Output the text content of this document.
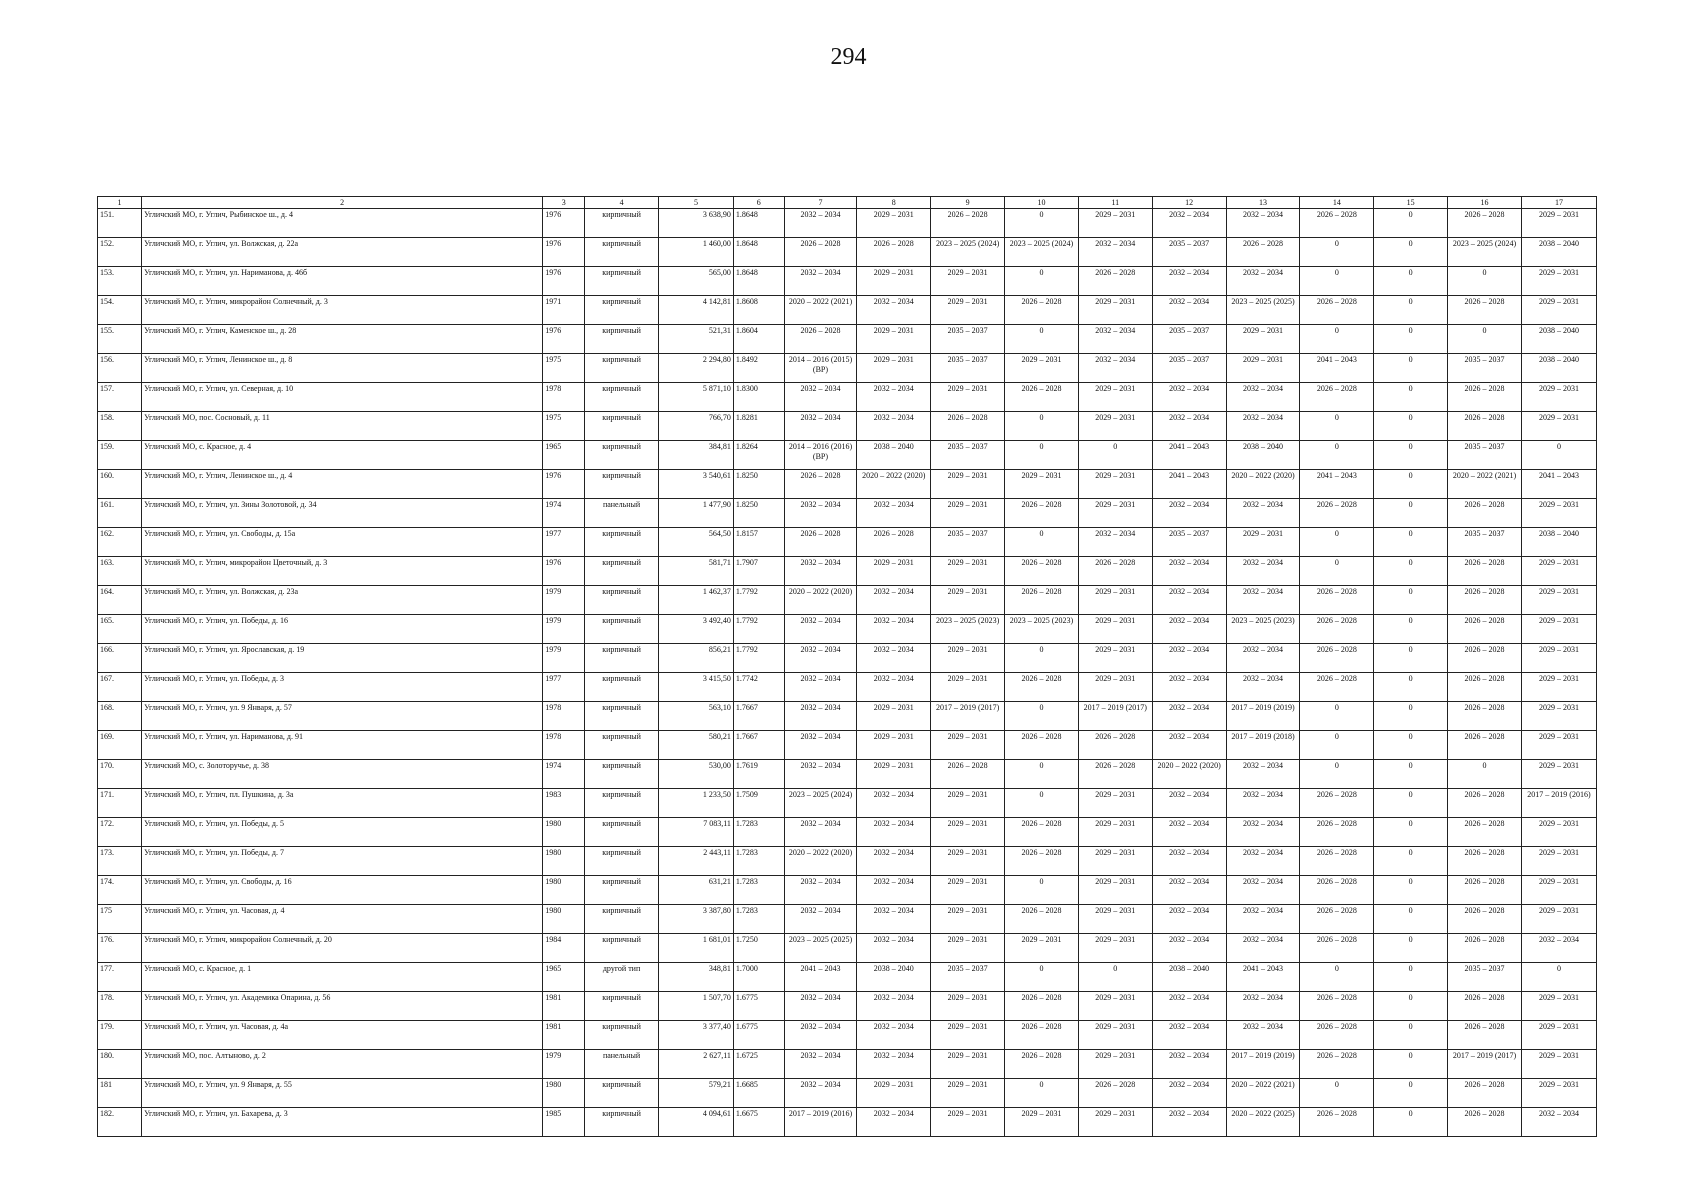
294
1	2	3	4	5	6	7	8	9	10	11	12	13	14	15	16	17
151.	Угличский МО, г. Углич, Рыбинское ш., д. 4	1976	кирпичный	3 638,90	1.8648	2032 – 2034	2029 – 2031	2026 – 2028	0	2029 – 2031	2032 – 2034	2032 – 2034	2026 – 2028	0	2026 – 2028	2029 – 2031
152.	Угличский МО, г. Углич, ул. Волжская, д. 22а	1976	кирпичный	1 460,00	1.8648	2026 – 2028	2026 – 2028	2023 – 2025 (2024)	2023 – 2025 (2024)	2032 – 2034	2035 – 2037	2026 – 2028	0	0	2023 – 2025 (2024)	2038 – 2040
153.	Угличский МО, г. Углич, ул. Нариманова, д. 46б	1976	кирпичный	565,00	1.8648	2032 – 2034	2029 – 2031	2029 – 2031	0	2026 – 2028	2032 – 2034	2032 – 2034	0	0	0	2029 – 2031
154.	Угличский МО, г. Углич, микрорайон Солнечный, д. 3	1971	кирпичный	4 142,81	1.8608	2020 – 2022 (2021)	2032 – 2034	2029 – 2031	2026 – 2028	2029 – 2031	2032 – 2034	2023 – 2025 (2025)	2026 – 2028	0	2026 – 2028	2029 – 2031
155.	Угличский МО, г. Углич, Каменское ш., д. 28	1976	кирпичный	521,31	1.8604	2026 – 2028	2029 – 2031	2035 – 2037	0	2032 – 2034	2035 – 2037	2029 – 2031	0	0	0	2038 – 2040
156.	Угличский МО, г. Углич, Ленинское ш., д. 8	1975	кирпичный	2 294,80	1.8492	2014 – 2016 (2015) (ВР)	2029 – 2031	2035 – 2037	2029 – 2031	2032 – 2034	2035 – 2037	2029 – 2031	2041 – 2043	0	2035 – 2037	2038 – 2040
157.	Угличский МО, г. Углич, ул. Северная, д. 10	1978	кирпичный	5 871,10	1.8300	2032 – 2034	2032 – 2034	2029 – 2031	2026 – 2028	2029 – 2031	2032 – 2034	2032 – 2034	2026 – 2028	0	2026 – 2028	2029 – 2031
158.	Угличский МО, пос. Сосновый, д. 11	1975	кирпичный	766,70	1.8281	2032 – 2034	2032 – 2034	2026 – 2028	0	2029 – 2031	2032 – 2034	2032 – 2034	0	0	2026 – 2028	2029 – 2031
159.	Угличский МО, с. Красное, д. 4	1965	кирпичный	384,81	1.8264	2014 – 2016 (2016) (ВР)	2038 – 2040	2035 – 2037	0	0	2041 – 2043	2038 – 2040	0	0	2035 – 2037	0
160.	Угличский МО, г. Углич, Ленинское ш., д. 4	1976	кирпичный	3 540,61	1.8250	2026 – 2028	2020 – 2022 (2020)	2029 – 2031	2029 – 2031	2029 – 2031	2041 – 2043	2020 – 2022 (2020)	2041 – 2043	0	2020 – 2022 (2021)	2041 – 2043
161.	Угличский МО, г. Углич, ул. Зины Золотовой, д. 34	1974	панельный	1 477,90	1.8250	2032 – 2034	2032 – 2034	2029 – 2031	2026 – 2028	2029 – 2031	2032 – 2034	2032 – 2034	2026 – 2028	0	2026 – 2028	2029 – 2031
162.	Угличский МО, г. Углич, ул. Свободы, д. 15а	1977	кирпичный	564,50	1.8157	2026 – 2028	2026 – 2028	2035 – 2037	0	2032 – 2034	2035 – 2037	2029 – 2031	0	0	2035 – 2037	2038 – 2040
163.	Угличский МО, г. Углич, микрорайон Цветочный, д. 3	1976	кирпичный	581,71	1.7907	2032 – 2034	2029 – 2031	2029 – 2031	2026 – 2028	2026 – 2028	2032 – 2034	2032 – 2034	0	0	2026 – 2028	2029 – 2031
164.	Угличский МО, г. Углич, ул. Волжская, д. 23а	1979	кирпичный	1 462,37	1.7792	2020 – 2022 (2020)	2032 – 2034	2029 – 2031	2026 – 2028	2029 – 2031	2032 – 2034	2032 – 2034	2026 – 2028	0	2026 – 2028	2029 – 2031
165.	Угличский МО, г. Углич, ул. Победы, д. 16	1979	кирпичный	3 492,40	1.7792	2032 – 2034	2032 – 2034	2023 – 2025 (2023)	2023 – 2025 (2023)	2029 – 2031	2032 – 2034	2023 – 2025 (2023)	2026 – 2028	0	2026 – 2028	2029 – 2031
166.	Угличский МО, г. Углич, ул. Ярославская, д. 19	1979	кирпичный	856,21	1.7792	2032 – 2034	2032 – 2034	2029 – 2031	0	2029 – 2031	2032 – 2034	2032 – 2034	2026 – 2028	0	2026 – 2028	2029 – 2031
167.	Угличский МО, г. Углич, ул. Победы, д. 3	1977	кирпичный	3 415,50	1.7742	2032 – 2034	2032 – 2034	2029 – 2031	2026 – 2028	2029 – 2031	2032 – 2034	2032 – 2034	2026 – 2028	0	2026 – 2028	2029 – 2031
168.	Угличский МО, г. Углич, ул. 9 Января, д. 57	1978	кирпичный	563,10	1.7667	2032 – 2034	2029 – 2031	2017 – 2019 (2017)	0	2017 – 2019 (2017)	2032 – 2034	2017 – 2019 (2019)	0	0	2026 – 2028	2029 – 2031
169.	Угличский МО, г. Углич, ул. Нариманова, д. 91	1978	кирпичный	580,21	1.7667	2032 – 2034	2029 – 2031	2029 – 2031	2026 – 2028	2026 – 2028	2032 – 2034	2017 – 2019 (2018)	0	0	2026 – 2028	2029 – 2031
170.	Угличский МО, с. Золоторучье, д. 38	1974	кирпичный	530,00	1.7619	2032 – 2034	2029 – 2031	2026 – 2028	0	2026 – 2028	2020 – 2022 (2020)	2032 – 2034	0	0	0	2029 – 2031
171.	Угличский МО, г. Углич, пл. Пушкина, д. 3а	1983	кирпичный	1 233,50	1.7509	2023 – 2025 (2024)	2032 – 2034	2029 – 2031	0	2029 – 2031	2032 – 2034	2032 – 2034	2026 – 2028	0	2026 – 2028	2017 – 2019 (2016)
172.	Угличский МО, г. Углич, ул. Победы, д. 5	1980	кирпичный	7 083,11	1.7283	2032 – 2034	2032 – 2034	2029 – 2031	2026 – 2028	2029 – 2031	2032 – 2034	2032 – 2034	2026 – 2028	0	2026 – 2028	2029 – 2031
173.	Угличский МО, г. Углич, ул. Победы, д. 7	1980	кирпичный	2 443,11	1.7283	2020 – 2022 (2020)	2032 – 2034	2029 – 2031	2026 – 2028	2029 – 2031	2032 – 2034	2032 – 2034	2026 – 2028	0	2026 – 2028	2029 – 2031
174.	Угличский МО, г. Углич, ул. Свободы, д. 16	1980	кирпичный	631,21	1.7283	2032 – 2034	2032 – 2034	2029 – 2031	0	2029 – 2031	2032 – 2034	2032 – 2034	2026 – 2028	0	2026 – 2028	2029 – 2031
175	Угличский МО, г. Углич, ул. Часовая, д. 4	1980	кирпичный	3 387,80	1.7283	2032 – 2034	2032 – 2034	2029 – 2031	2026 – 2028	2029 – 2031	2032 – 2034	2032 – 2034	2026 – 2028	0	2026 – 2028	2029 – 2031
176.	Угличский МО, г. Углич, микрорайон Солнечный, д. 20	1984	кирпичный	1 681,01	1.7250	2023 – 2025 (2025)	2032 – 2034	2029 – 2031	2029 – 2031	2029 – 2031	2032 – 2034	2032 – 2034	2026 – 2028	0	2026 – 2028	2032 – 2034
177.	Угличский МО, с. Красное, д. 1	1965	другой тип	348,81	1.7000	2041 – 2043	2038 – 2040	2035 – 2037	0	0	2038 – 2040	2041 – 2043	0	0	2035 – 2037	0
178.	Угличский МО, г. Углич, ул. Академика Опарина, д. 56	1981	кирпичный	1 507,70	1.6775	2032 – 2034	2032 – 2034	2029 – 2031	2026 – 2028	2029 – 2031	2032 – 2034	2032 – 2034	2026 – 2028	0	2026 – 2028	2029 – 2031
179.	Угличский МО, г. Углич, ул. Часовая, д. 4а	1981	кирпичный	3 377,40	1.6775	2032 – 2034	2032 – 2034	2029 – 2031	2026 – 2028	2029 – 2031	2032 – 2034	2032 – 2034	2026 – 2028	0	2026 – 2028	2029 – 2031
180.	Угличский МО, пос. Алтыново, д. 2	1979	панельный	2 627,11	1.6725	2032 – 2034	2032 – 2034	2029 – 2031	2026 – 2028	2029 – 2031	2032 – 2034	2017 – 2019 (2019)	2026 – 2028	0	2017 – 2019 (2017)	2029 – 2031
181	Угличский МО, г. Углич, ул. 9 Января, д. 55	1980	кирпичный	579,21	1.6685	2032 – 2034	2029 – 2031	2029 – 2031	0	2026 – 2028	2032 – 2034	2020 – 2022 (2021)	0	0	2026 – 2028	2029 – 2031
182.	Угличский МО, г. Углич, ул. Бахарева, д. 3	1985	кирпичный	4 094,61	1.6675	2017 – 2019 (2016)	2032 – 2034	2029 – 2031	2029 – 2031	2029 – 2031	2032 – 2034	2020 – 2022 (2025)	2026 – 2028	0	2026 – 2028	2032 – 2034
